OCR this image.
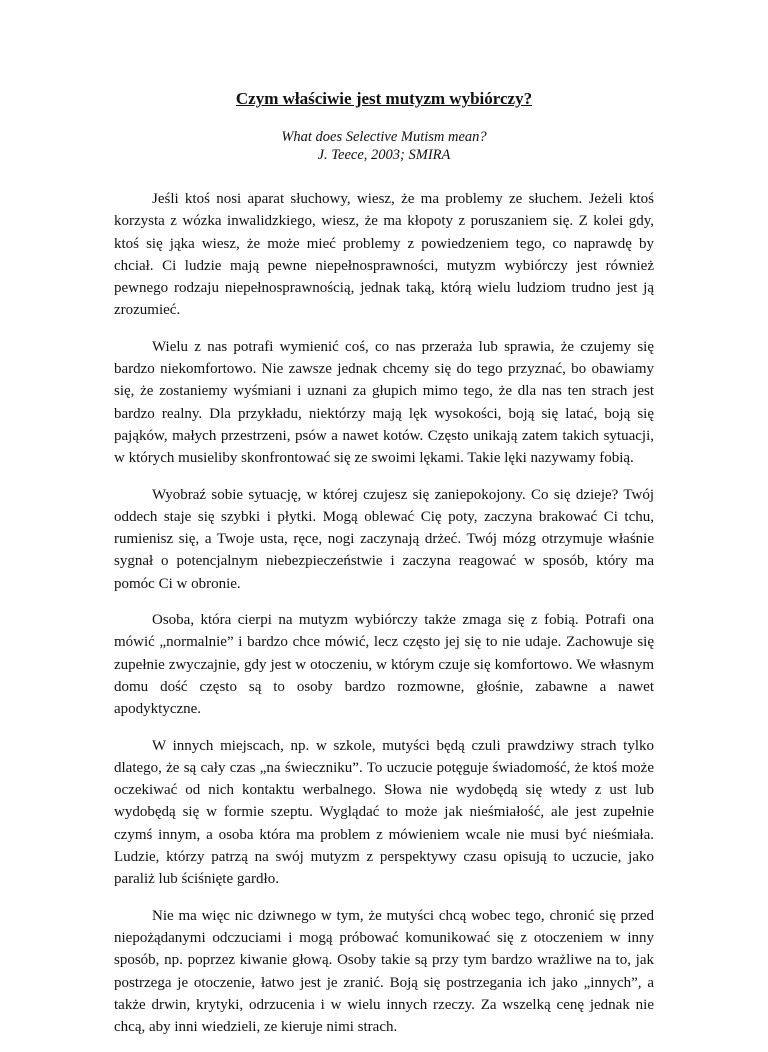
Czym właściwie jest mutyzm wybiórczy?

What does Selective Mutism mean?

J. Teece, 2003; SMIRA

Jeśli ktoś nosi aparat słuchowy, wiesz, że ma problemy ze słuchem. Jeżeli ktoś korzysta z wózka inwalidzkiego, wiesz, że ma kłopoty z poruszaniem się. Z kolei gdy, ktoś się jąka wiesz, że może mieć problemy z powiedzeniem tego, co naprawdę by chciał. Ci ludzie mają pewne niepełnosprawności, mutyzm wybiórczy jest również pewnego rodzaju niepełnosprawnością, jednak taką, którą wielu ludziom trudno jest ją zrozumieć.

Wielu z nas potrafi wymienić coś, co nas przeraża lub sprawia, że czujemy się bardzo niekomfortowo. Nie zawsze jednak chcemy się do tego przyznać, bo obawiamy się, że zostaniemy wyśmiani i uznani za głupich mimo tego, że dla nas ten strach jest bardzo realny. Dla przykładu, niektórzy mają lęk wysokości, boją się latać, boją się pająków, małych przestrzeni, psów a nawet kotów. Często unikają zatem takich sytuacji, w których musieliby skonfrontować się ze swoimi lękami. Takie lęki nazywamy fobią.

Wyobraź sobie sytuację, w której czujesz się zaniepokojony. Co się dzieje? Twój oddech staje się szybki i płytki. Mogą oblewać Cię poty, zaczyna brakować Ci tchu, rumienisz się, a Twoje usta, ręce, nogi zaczynają drżeć. Twój mózg otrzymuje właśnie sygnał o potencjalnym niebezpieczeństwie i zaczyna reagować w sposób, który ma pomóc Ci w obronie.

Osoba, która cierpi na mutyzm wybiórczy także zmaga się z fobią. Potrafi ona mówić „normalnie” i bardzo chce mówić, lecz często jej się to nie udaje. Zachowuje się zupełnie zwyczajnie, gdy jest w otoczeniu, w którym czuje się komfortowo. We własnym domu dość często są to osoby bardzo rozmowne, głośnie, zabawne a nawet apodyktyczne.

W innych miejscach, np. w szkole, mutyści będą czuli prawdziwy strach tylko dlatego, że są cały czas „na świeczniku”. To uczucie potęguje świadomość, że ktoś może oczekiwać od nich kontaktu werbalnego. Słowa nie wydobędą się wtedy z ust lub wydobędą się w formie szeptu. Wyglądać to może jak nieśmiałość, ale jest zupełnie czymś innym, a osoba która ma problem z mówieniem wcale nie musi być nieśmiała. Ludzie, którzy patrzą na swój mutyzm z perspektywy czasu opisują to uczucie, jako paraliż lub ściśnięte gardło.

Nie ma więc nic dziwnego w tym, że mutyści chcą wobec tego, chronić się przed niepożądanymi odczuciami i mogą próbować komunikować się z otoczeniem w inny sposób, np. poprzez kiwanie głową. Osoby takie są przy tym bardzo wrażliwe na to, jak postrzega je otoczenie, łatwo jest je zranić. Boją się postrzegania ich jako „innych”, a także drwin, krytyki, odrzucenia i w wielu innych rzeczy. Za wszelką cenę jednak nie chcą, aby inni wiedzieli, ze kieruje nimi strach.
